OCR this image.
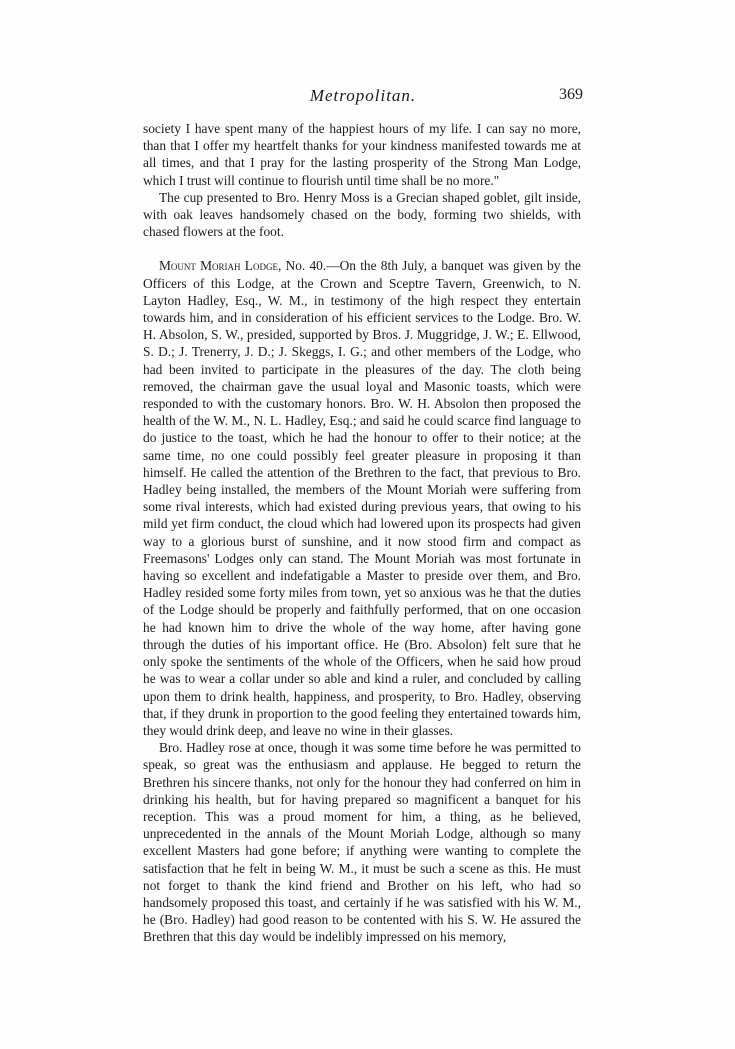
Metropolitan.	369

society I have spent many of the happiest hours of my life. I can say no more, than that I offer my heartfelt thanks for your kindness manifested towards me at all times, and that I pray for the lasting prosperity of the Strong Man Lodge, which I trust will continue to flourish until time shall be no more."

The cup presented to Bro. Henry Moss is a Grecian shaped goblet, gilt inside, with oak leaves handsomely chased on the body, forming two shields, with chased flowers at the foot.

Mount Moriah Lodge, No. 40.—On the 8th July, a banquet was given by the Officers of this Lodge, at the Crown and Sceptre Tavern, Greenwich, to N. Layton Hadley, Esq., W. M., in testimony of the high respect they entertain towards him, and in consideration of his efficient services to the Lodge. Bro. W. H. Absolon, S. W., presided, supported by Bros. J. Muggridge, J. W.; E. Ellwood, S. D.; J. Trenerry, J. D.; J. Skeggs, I. G.; and other members of the Lodge, who had been invited to participate in the pleasures of the day. The cloth being removed, the chairman gave the usual loyal and Masonic toasts, which were responded to with the customary honors. Bro. W. H. Absolon then proposed the health of the W. M., N. L. Hadley, Esq.; and said he could scarce find language to do justice to the toast, which he had the honour to offer to their notice; at the same time, no one could possibly feel greater pleasure in proposing it than himself. He called the attention of the Brethren to the fact, that previous to Bro. Hadley being installed, the members of the Mount Moriah were suffering from some rival interests, which had existed during previous years, that owing to his mild yet firm conduct, the cloud which had lowered upon its prospects had given way to a glorious burst of sunshine, and it now stood firm and compact as Freemasons' Lodges only can stand. The Mount Moriah was most fortunate in having so excellent and indefatigable a Master to preside over them, and Bro. Hadley resided some forty miles from town, yet so anxious was he that the duties of the Lodge should be properly and faithfully performed, that on one occasion he had known him to drive the whole of the way home, after having gone through the duties of his important office. He (Bro. Absolon) felt sure that he only spoke the sentiments of the whole of the Officers, when he said how proud he was to wear a collar under so able and kind a ruler, and concluded by calling upon them to drink health, happiness, and prosperity, to Bro. Hadley, observing that, if they drunk in proportion to the good feeling they entertained towards him, they would drink deep, and leave no wine in their glasses.

Bro. Hadley rose at once, though it was some time before he was permitted to speak, so great was the enthusiasm and applause. He begged to return the Brethren his sincere thanks, not only for the honour they had conferred on him in drinking his health, but for having prepared so magnificent a banquet for his reception. This was a proud moment for him, a thing, as he believed, unprecedented in the annals of the Mount Moriah Lodge, although so many excellent Masters had gone before; if anything were wanting to complete the satisfaction that he felt in being W. M., it must be such a scene as this. He must not forget to thank the kind friend and Brother on his left, who had so handsomely proposed this toast, and certainly if he was satisfied with his W. M., he (Bro. Hadley) had good reason to be contented with his S. W. He assured the Brethren that this day would be indelibly impressed on his memory,
